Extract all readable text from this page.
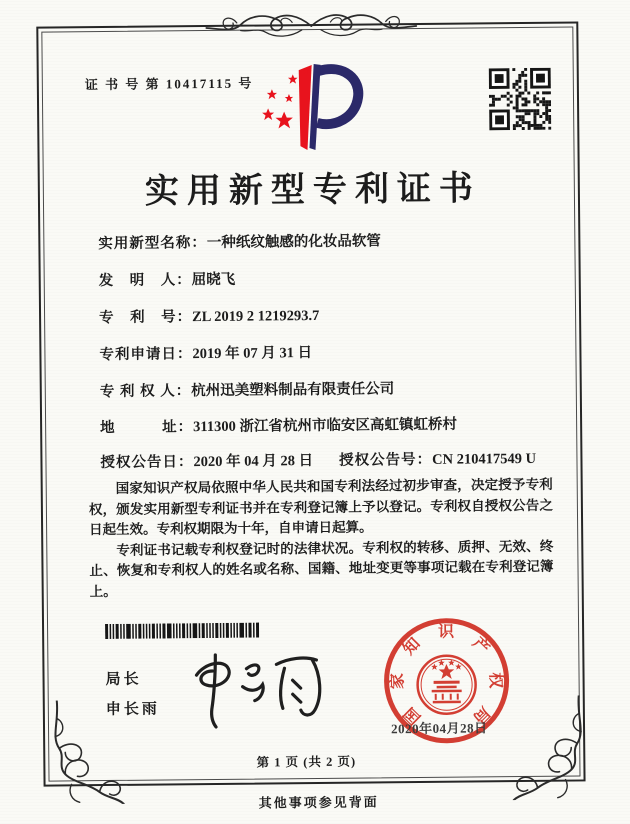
证 书 号 第 10417115 号
实用新型专利证书
实用新型名称：一种纸纹触感的化妆品软管
发　明　人：屈晓飞
专　利　号：ZL 2019 2 1219293.7
专利申请日：2019 年 07 月 31 日
专 利 权 人：杭州迅美塑料制品有限责任公司
地　　　址：311300 浙江省杭州市临安区高虹镇虹桥村
授权公告日：2020 年 04 月 28 日 授权公告号：CN 210417549 U

国家知识产权局依照中华人民共和国专利法经过初步审查，决定授予专利权，颁发实用新型专利证书并在专利登记簿上予以登记。专利权自授权公告之日起生效。专利权期限为十年，自申请日起算。

专利证书记载专利权登记时的法律状况。专利权的转移、质押、无效、终止、恢复和专利权人的姓名或名称、国籍、地址变更等事项记载在专利登记簿上。

局长
申长雨	国
家
知
识
产
权
局
2020年04月28日
第 1 页 (共 2 页)
其他事项参见背面
